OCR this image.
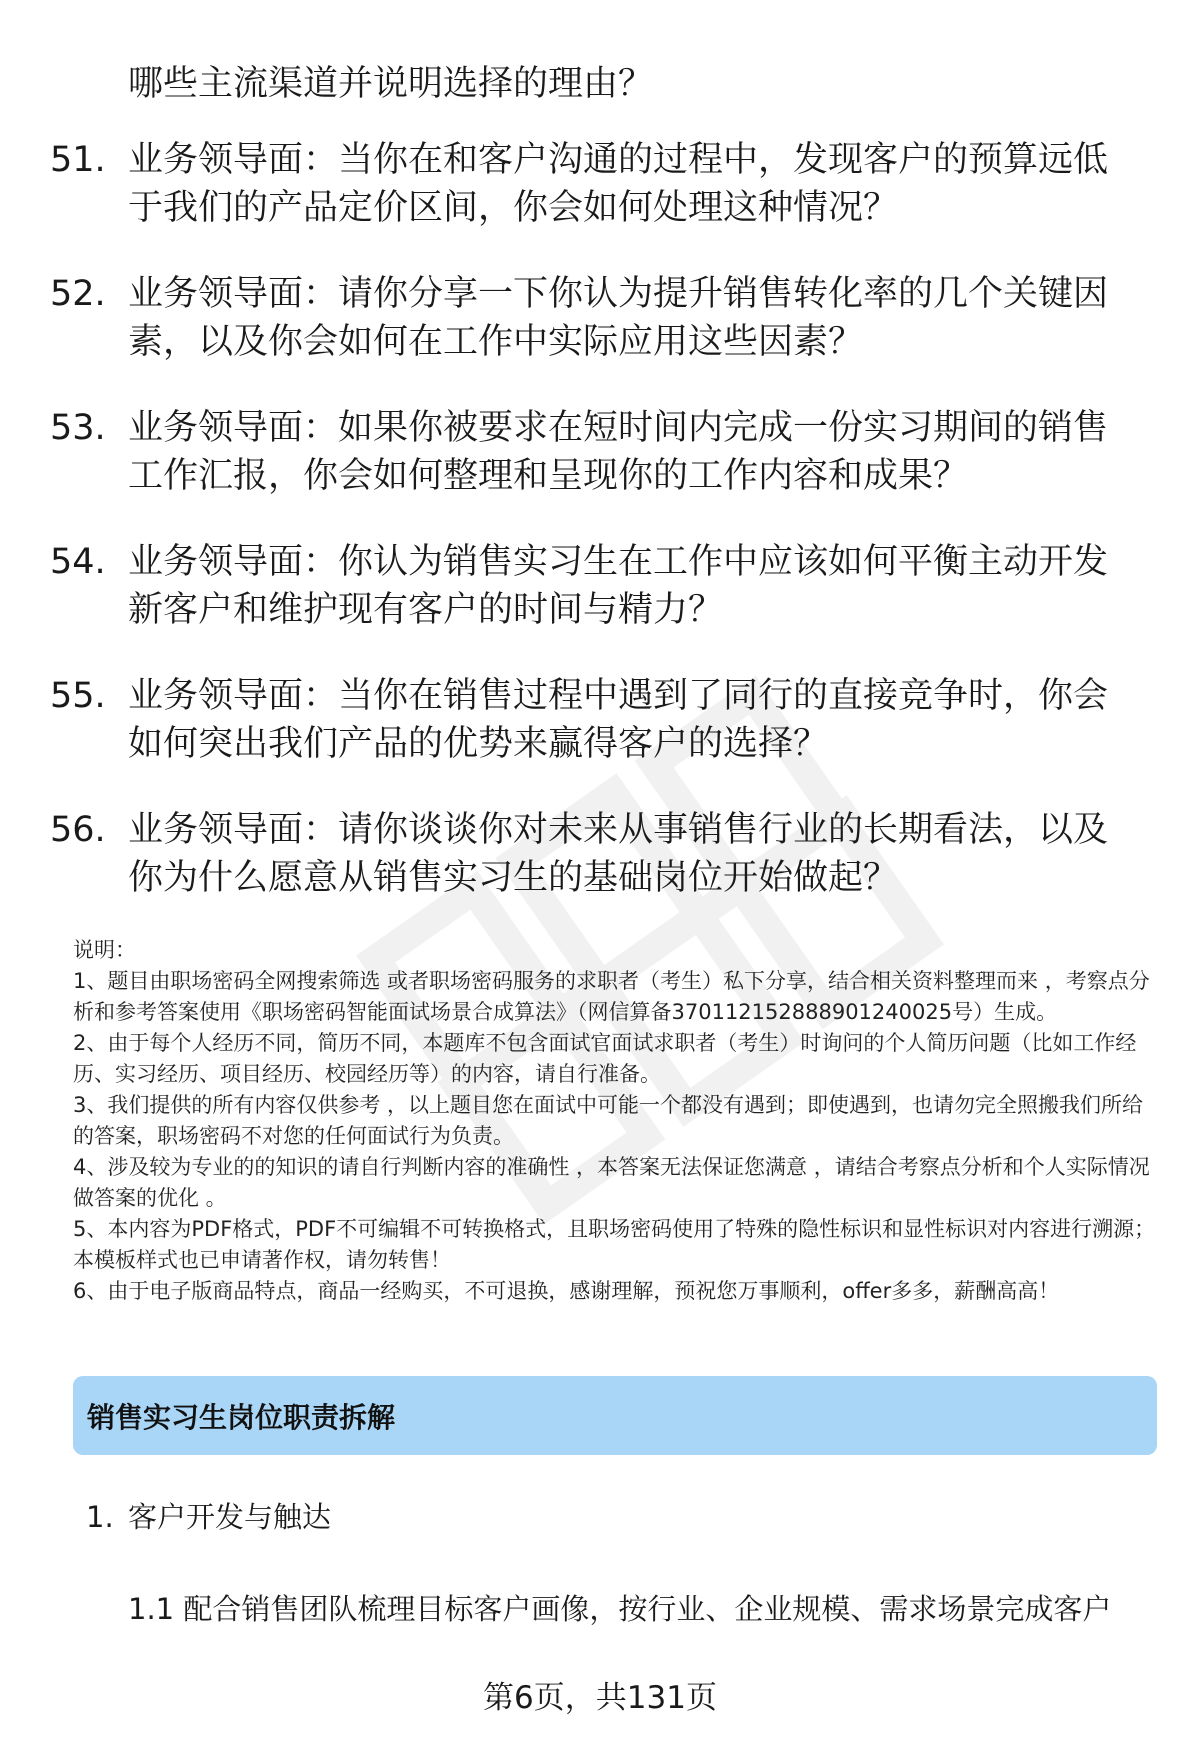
哪些主流渠道并说明选择的理由？
51. 业务领导面：当你在和客户沟通的过程中，发现客户的预算远低于我们的产品定价区间，你会如何处理这种情况？
52. 业务领导面：请你分享一下你认为提升销售转化率的几个关键因素，以及你会如何在工作中实际应用这些因素？
53. 业务领导面：如果你被要求在短时间内完成一份实习期间的销售工作汇报，你会如何整理和呈现你的工作内容和成果？
54. 业务领导面：你认为销售实习生在工作中应该如何平衡主动开发新客户和维护现有客户的时间与精力？
55. 业务领导面：当你在销售过程中遇到了同行的直接竞争时，你会如何突出我们产品的优势来赢得客户的选择？
56. 业务领导面：请你谈谈你对未来从事销售行业的长期看法，以及你为什么愿意从销售实习生的基础岗位开始做起？

说明：

1、题目由职场密码全网搜索筛选 或者职场密码服务的求职者（考生）私下分享，结合相关资料整理而来 ，考察点分析和参考答案使用《职场密码智能面试场景合成算法》（网信算备370112152888901240025号）生成。

2、由于每个人经历不同，简历不同，本题库不包含面试官面试求职者（考生）时询问的个人简历问题（比如工作经历、实习经历、项目经历、校园经历等）的内容，请自行准备。

3、我们提供的所有内容仅供参考 ，以上题目您在面试中可能一个都没有遇到；即使遇到，也请勿完全照搬我们所给的答案，职场密码不对您的任何面试行为负责。

4、涉及较为专业的的知识的请自行判断内容的准确性 ，本答案无法保证您满意 ，请结合考察点分析和个人实际情况做答案的优化 。

5、本内容为PDF格式，PDF不可编辑不可转换格式，且职场密码使用了特殊的隐性标识和显性标识对内容进行溯源；本模板样式也已申请著作权，请勿转售！

6、由于电子版商品特点，商品一经购买，不可退换，感谢理解，预祝您万事顺利，offer多多，薪酬高高！

销售实习生岗位职责拆解
1. 客户开发与触达
1.1 配合销售团队梳理目标客户画像，按行业、企业规模、需求场景完成客户
第6页，共131页
